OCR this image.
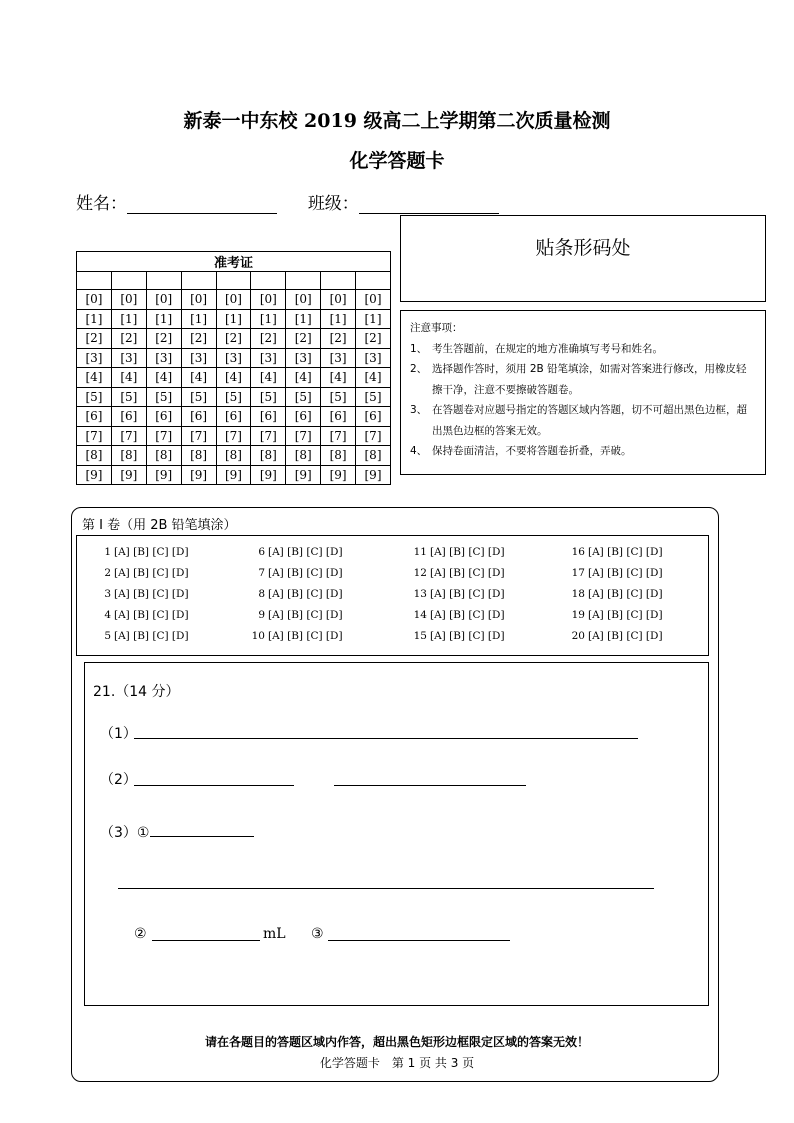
新泰一中东校 2019 级高二上学期第二次质量检测
化学答题卡
姓名：	班级：
准考证								

[0]	[0]	[0]	[0]	[0]	[0]	[0]	[0]	[0]
[1]	[1]	[1]	[1]	[1]	[1]	[1]	[1]	[1]
[2]	[2]	[2]	[2]	[2]	[2]	[2]	[2]	[2]
[3]	[3]	[3]	[3]	[3]	[3]	[3]	[3]	[3]
[4]	[4]	[4]	[4]	[4]	[4]	[4]	[4]	[4]
[5]	[5]	[5]	[5]	[5]	[5]	[5]	[5]	[5]
[6]	[6]	[6]	[6]	[6]	[6]	[6]	[6]	[6]
[7]	[7]	[7]	[7]	[7]	[7]	[7]	[7]	[7]
[8]	[8]	[8]	[8]	[8]	[8]	[8]	[8]	[8]
[9]	[9]	[9]	[9]	[9]	[9]	[9]	[9]	[9]
贴条形码处
注意事项：
1、 考生答题前，在规定的地方准确填写考号和姓名。
2、 选择题作答时，须用 2B 铅笔填涂，如需对答案进行修改，用橡皮轻擦干净，注意不要擦破答题卷。
3、 在答题卷对应题号指定的答题区域内答题，切不可超出黑色边框，超出黑色边框的答案无效。
4、 保持卷面清洁，不要将答题卷折叠，弄破。
第 I 卷（用 2B 铅笔填涂）
1 [A] [B] [C] [D]
2 [A] [B] [C] [D]
3 [A] [B] [C] [D]
4 [A] [B] [C] [D]
5 [A] [B] [C] [D]
6 [A] [B] [C] [D]
7 [A] [B] [C] [D]
8 [A] [B] [C] [D]
9 [A] [B] [C] [D]
10 [A] [B] [C] [D]
11 [A] [B] [C] [D]
12 [A] [B] [C] [D]
13 [A] [B] [C] [D]
14 [A] [B] [C] [D]
15 [A] [B] [C] [D]
16 [A] [B] [C] [D]
17 [A] [B] [C] [D]
18 [A] [B] [C] [D]
19 [A] [B] [C] [D]
20 [A] [B] [C] [D]
21.（14 分）
（1）
（2）
（3）①
②	mL ③
请在各题目的答题区域内作答，超出黑色矩形边框限定区域的答案无效！
化学答题卡　第 1 页 共 3 页
